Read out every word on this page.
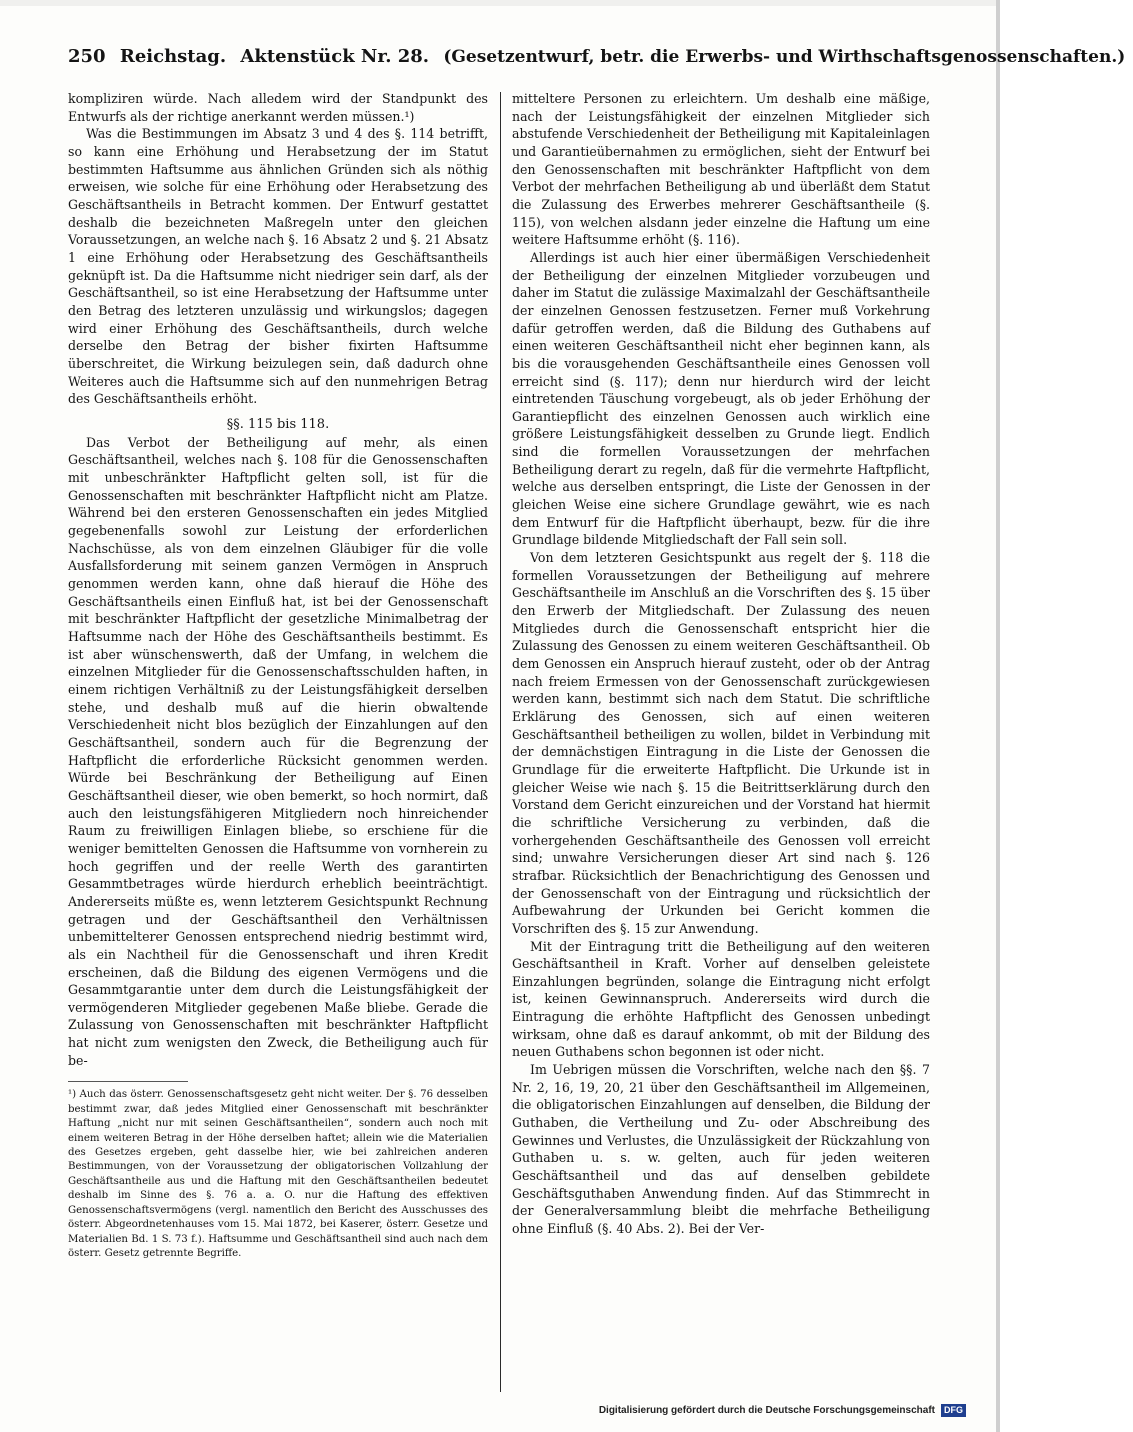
250 Reichstag. Aktenstück Nr. 28. (Gesetzentwurf, betr. die Erwerbs- und Wirthschaftsgenossenschaften.)

kompliziren würde. Nach alledem wird der Standpunkt des Entwurfs als der richtige anerkannt werden müssen.¹)

Was die Bestimmungen im Absatz 3 und 4 des §. 114 betrifft, so kann eine Erhöhung und Herabsetzung der im Statut bestimmten Haftsumme aus ähnlichen Gründen sich als nöthig erweisen, wie solche für eine Erhöhung oder Herabsetzung des Geschäftsantheils in Betracht kommen. Der Entwurf gestattet deshalb die bezeichneten Maßregeln unter den gleichen Voraussetzungen, an welche nach §. 16 Absatz 2 und §. 21 Absatz 1 eine Erhöhung oder Herabsetzung des Geschäftsantheils geknüpft ist. Da die Haftsumme nicht niedriger sein darf, als der Geschäftsantheil, so ist eine Herabsetzung der Haftsumme unter den Betrag des letzteren unzulässig und wirkungslos; dagegen wird einer Erhöhung des Geschäftsantheils, durch welche derselbe den Betrag der bisher fixirten Haftsumme überschreitet, die Wirkung beizulegen sein, daß dadurch ohne Weiteres auch die Haftsumme sich auf den nunmehrigen Betrag des Geschäftsantheils erhöht.

§§. 115 bis 118.

Das Verbot der Betheiligung auf mehr, als einen Geschäftsantheil, welches nach §. 108 für die Genossenschaften mit unbeschränkter Haftpflicht gelten soll, ist für die Genossenschaften mit beschränkter Haftpflicht nicht am Platze. Während bei den ersteren Genossenschaften ein jedes Mitglied gegebenenfalls sowohl zur Leistung der erforderlichen Nachschüsse, als von dem einzelnen Gläubiger für die volle Ausfallsforderung mit seinem ganzen Vermögen in Anspruch genommen werden kann, ohne daß hierauf die Höhe des Geschäftsantheils einen Einfluß hat, ist bei der Genossenschaft mit beschränkter Haftpflicht der gesetzliche Minimalbetrag der Haftsumme nach der Höhe des Geschäftsantheils bestimmt. Es ist aber wünschenswerth, daß der Umfang, in welchem die einzelnen Mitglieder für die Genossenschaftsschulden haften, in einem richtigen Verhältniß zu der Leistungsfähigkeit derselben stehe, und deshalb muß auf die hierin obwaltende Verschiedenheit nicht blos bezüglich der Einzahlungen auf den Geschäftsantheil, sondern auch für die Begrenzung der Haftpflicht die erforderliche Rücksicht genommen werden. Würde bei Beschränkung der Betheiligung auf Einen Geschäftsantheil dieser, wie oben bemerkt, so hoch normirt, daß auch den leistungsfähigeren Mitgliedern noch hinreichender Raum zu freiwilligen Einlagen bliebe, so erschiene für die weniger bemittelten Genossen die Haftsumme von vornherein zu hoch gegriffen und der reelle Werth des garantirten Gesammtbetrages würde hierdurch erheblich beeinträchtigt. Andererseits müßte es, wenn letzterem Gesichtspunkt Rechnung getragen und der Geschäftsantheil den Verhältnissen unbemittelterer Genossen entsprechend niedrig bestimmt wird, als ein Nachtheil für die Genossenschaft und ihren Kredit erscheinen, daß die Bildung des eigenen Vermögens und die Gesammtgarantie unter dem durch die Leistungsfähigkeit der vermögenderen Mitglieder gegebenen Maße bliebe. Gerade die Zulassung von Genossenschaften mit beschränkter Haftpflicht hat nicht zum wenigsten den Zweck, die Betheiligung auch für be-

¹) Auch das österr. Genossenschaftsgesetz geht nicht weiter. Der §. 76 desselben bestimmt zwar, daß jedes Mitglied einer Genossenschaft mit beschränkter Haftung „nicht nur mit seinen Geschäftsantheilen“, sondern auch noch mit einem weiteren Betrag in der Höhe derselben haftet; allein wie die Materialien des Gesetzes ergeben, geht dasselbe hier, wie bei zahlreichen anderen Bestimmungen, von der Voraussetzung der obligatorischen Vollzahlung der Geschäftsantheile aus und die Haftung mit den Geschäftsantheilen bedeutet deshalb im Sinne des §. 76 a. a. O. nur die Haftung des effektiven Genossenschaftsvermögens (vergl. namentlich den Bericht des Ausschusses des österr. Abgeordnetenhauses vom 15. Mai 1872, bei Kaserer, österr. Gesetze und Materialien Bd. 1 S. 73 f.). Haftsumme und Geschäftsantheil sind auch nach dem österr. Gesetz getrennte Begriffe.

mitteltere Personen zu erleichtern. Um deshalb eine mäßige, nach der Leistungsfähigkeit der einzelnen Mitglieder sich abstufende Verschiedenheit der Betheiligung mit Kapitaleinlagen und Garantieübernahmen zu ermöglichen, sieht der Entwurf bei den Genossenschaften mit beschränkter Haftpflicht von dem Verbot der mehrfachen Betheiligung ab und überläßt dem Statut die Zulassung des Erwerbes mehrerer Geschäftsantheile (§. 115), von welchen alsdann jeder einzelne die Haftung um eine weitere Haftsumme erhöht (§. 116).

Allerdings ist auch hier einer übermäßigen Verschiedenheit der Betheiligung der einzelnen Mitglieder vorzubeugen und daher im Statut die zulässige Maximalzahl der Geschäftsantheile der einzelnen Genossen festzusetzen. Ferner muß Vorkehrung dafür getroffen werden, daß die Bildung des Guthabens auf einen weiteren Geschäftsantheil nicht eher beginnen kann, als bis die vorausgehenden Geschäftsantheile eines Genossen voll erreicht sind (§. 117); denn nur hierdurch wird der leicht eintretenden Täuschung vorgebeugt, als ob jeder Erhöhung der Garantiepflicht des einzelnen Genossen auch wirklich eine größere Leistungsfähigkeit desselben zu Grunde liegt. Endlich sind die formellen Voraussetzungen der mehrfachen Betheiligung derart zu regeln, daß für die vermehrte Haftpflicht, welche aus derselben entspringt, die Liste der Genossen in der gleichen Weise eine sichere Grundlage gewährt, wie es nach dem Entwurf für die Haftpflicht überhaupt, bezw. für die ihre Grundlage bildende Mitgliedschaft der Fall sein soll.

Von dem letzteren Gesichtspunkt aus regelt der §. 118 die formellen Voraussetzungen der Betheiligung auf mehrere Geschäftsantheile im Anschluß an die Vorschriften des §. 15 über den Erwerb der Mitgliedschaft. Der Zulassung des neuen Mitgliedes durch die Genossenschaft entspricht hier die Zulassung des Genossen zu einem weiteren Geschäftsantheil. Ob dem Genossen ein Anspruch hierauf zusteht, oder ob der Antrag nach freiem Ermessen von der Genossenschaft zurückgewiesen werden kann, bestimmt sich nach dem Statut. Die schriftliche Erklärung des Genossen, sich auf einen weiteren Geschäftsantheil betheiligen zu wollen, bildet in Verbindung mit der demnächstigen Eintragung in die Liste der Genossen die Grundlage für die erweiterte Haftpflicht. Die Urkunde ist in gleicher Weise wie nach §. 15 die Beitrittserklärung durch den Vorstand dem Gericht einzureichen und der Vorstand hat hiermit die schriftliche Versicherung zu verbinden, daß die vorhergehenden Geschäftsantheile des Genossen voll erreicht sind; unwahre Versicherungen dieser Art sind nach §. 126 strafbar. Rücksichtlich der Benachrichtigung des Genossen und der Genossenschaft von der Eintragung und rücksichtlich der Aufbewahrung der Urkunden bei Gericht kommen die Vorschriften des §. 15 zur Anwendung.

Mit der Eintragung tritt die Betheiligung auf den weiteren Geschäftsantheil in Kraft. Vorher auf denselben geleistete Einzahlungen begründen, solange die Eintragung nicht erfolgt ist, keinen Gewinnanspruch. Andererseits wird durch die Eintragung die erhöhte Haftpflicht des Genossen unbedingt wirksam, ohne daß es darauf ankommt, ob mit der Bildung des neuen Guthabens schon begonnen ist oder nicht.

Im Uebrigen müssen die Vorschriften, welche nach den §§. 7 Nr. 2, 16, 19, 20, 21 über den Geschäftsantheil im Allgemeinen, die obligatorischen Einzahlungen auf denselben, die Bildung der Guthaben, die Vertheilung und Zu- oder Abschreibung des Gewinnes und Verlustes, die Unzulässigkeit der Rückzahlung von Guthaben u. s. w. gelten, auch für jeden weiteren Geschäftsantheil und das auf denselben gebildete Geschäftsguthaben Anwendung finden. Auf das Stimmrecht in der Generalversammlung bleibt die mehrfache Betheiligung ohne Einfluß (§. 40 Abs. 2). Bei der Ver-

Digitalisierung gefördert durch die Deutsche Forschungsgemeinschaft	DFG
